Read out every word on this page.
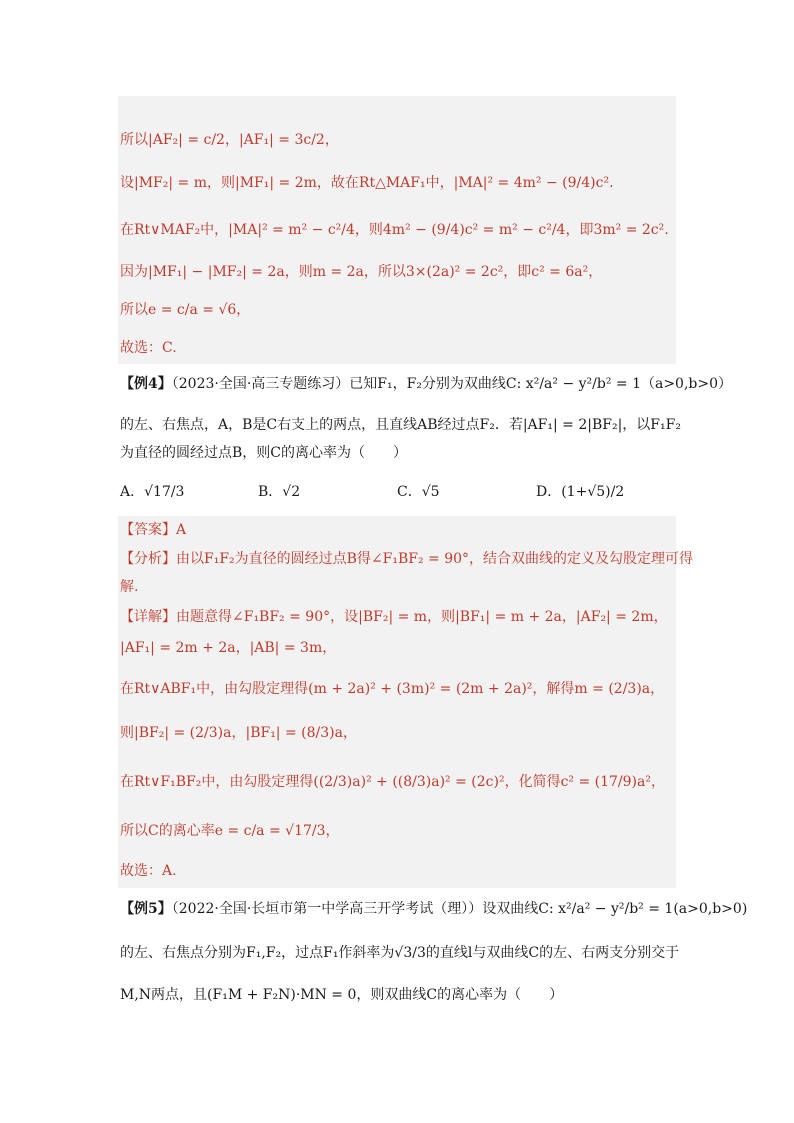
所以|AF₂| = c/2，|AF₁| = 3c/2，
设|MF₂| = m，则|MF₁| = 2m，故在Rt△MAF₁中，|MA|² = 4m² − (9/4)c².
在Rt∨MAF₂中，|MA|² = m² − c²/4，则4m² − (9/4)c² = m² − c²/4，即3m² = 2c².
因为|MF₁| − |MF₂| = 2a，则m = 2a，所以3×(2a)² = 2c²，即c² = 6a²，
所以e = c/a = √6，
故选：C.
【例4】（2023·全国·高三专题练习）已知F₁，F₂分别为双曲线C: x²/a² − y²/b² = 1（a>0,b>0）
的左、右焦点，A，B是C右支上的两点，且直线AB经过点F₂．若|AF₁| = 2|BF₂|，以F₁F₂
为直径的圆经过点B，则C的离心率为（　　）
A．√17/3	B．√2	C．√5	D．(1+√5)/2
【答案】A
【分析】由以F₁F₂为直径的圆经过点B得∠F₁BF₂ = 90°，结合双曲线的定义及勾股定理可得
解.
【详解】由题意得∠F₁BF₂ = 90°，设|BF₂| = m，则|BF₁| = m + 2a，|AF₂| = 2m，
|AF₁| = 2m + 2a，|AB| = 3m，
在Rt∨ABF₁中，由勾股定理得(m + 2a)² + (3m)² = (2m + 2a)²，解得m = (2/3)a，
则|BF₂| = (2/3)a，|BF₁| = (8/3)a，
在Rt∨F₁BF₂中，由勾股定理得((2/3)a)² + ((8/3)a)² = (2c)²，化简得c² = (17/9)a²，
所以C的离心率e = c/a = √17/3，
故选：A.
【例5】（2022·全国·长垣市第一中学高三开学考试（理））设双曲线C: x²/a² − y²/b² = 1(a>0,b>0)
的左、右焦点分别为F₁,F₂，过点F₁作斜率为√3/3的直线l与双曲线C的左、右两支分别交于
M,N两点，且(F₁M + F₂N)·MN = 0，则双曲线C的离心率为（　　）
